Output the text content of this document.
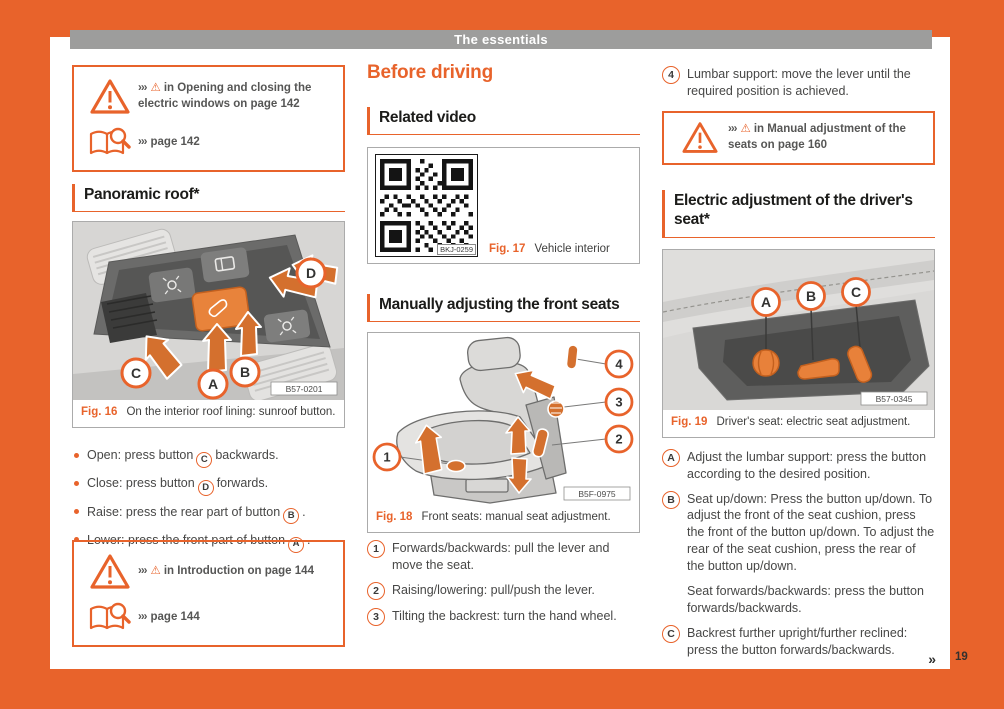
The essentials
19
››› ⚠ in Opening and closing the electric windows on page 142
››› page 142
Panoramic roof*
A
B
C
D
B57-0201
Fig. 16 On the interior roof lining: sunroof button.
Open: press button C backwards.
Close: press button D forwards.
Raise: press the rear part of button B .
Lower: press the front part of button A .
››› ⚠ in Introduction on page 144
››› page 144
Before driving
Related video
BKJ-0259 Fig. 17 Vehicle interior
Manually adjusting the front seats
1
2
3
4
B5F-0975
Fig. 18 Front seats: manual seat adjustment.
1	Forwards/backwards: pull the lever and move the seat.
2	Raising/lowering: pull/push the lever.
3	Tilting the backrest: turn the hand wheel.
4	Lumbar support: move the lever until the required position is achieved.
››› ⚠ in Manual adjustment of the seats on page 160
Electric adjustment of the driver's seat*
A B C
B57-0345
Fig. 19 Driver's seat: electric seat adjustment.
A Adjust the lumbar support: press the button according to the desired position.

B Seat up/down: Press the button up/down. To adjust the front of the seat cushion, press the front of the button up/down. To adjust the rear of the seat cushion, press the rear of the button up/down.

Seat forwards/backwards: press the button forwards/backwards.

C Backrest further upright/further reclined: press the button forwards/backwards.

»
